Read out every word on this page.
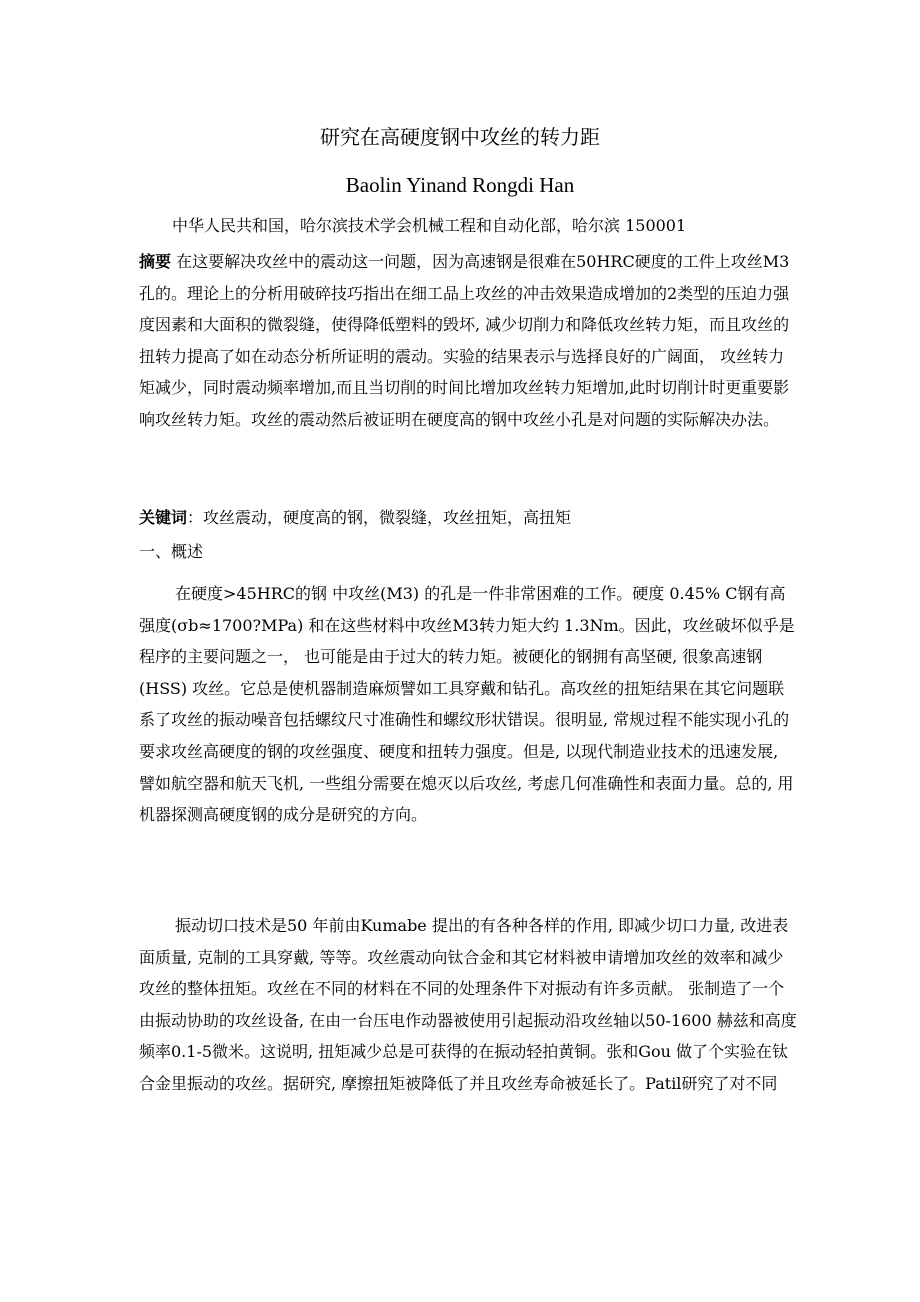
研究在高硬度钢中攻丝的转力距
Baolin Yinand Rongdi Han
中华人民共和国，哈尔滨技术学会机械工程和自动化部，哈尔滨 150001

摘要 在这要解决攻丝中的震动这一问题，因为高速钢是很难在50HRC硬度的工件上攻丝M3孔的。理论上的分析用破碎技巧指出在细工品上攻丝的冲击效果造成增加的2类型的压迫力强度因素和大面积的微裂缝，使得降低塑料的毁坏, 减少切削力和降低攻丝转力矩，而且攻丝的扭转力提高了如在动态分析所证明的震动。实验的结果表示与选择良好的广阔面， 攻丝转力矩减少，同时震动频率增加,而且当切削的时间比增加攻丝转力矩增加,此时切削计时更重要影响攻丝转力矩。攻丝的震动然后被证明在硬度高的钢中攻丝小孔是对问题的实际解决办法。

关键词：攻丝震动，硬度高的钢，微裂缝，攻丝扭矩，高扭矩

一、概述

在硬度>45HRC的钢 中攻丝(M3) 的孔是一件非常困难的工作。硬度 0.45% C钢有高强度(σb≈1700?MPa) 和在这些材料中攻丝M3转力矩大约 1.3Nm。因此，攻丝破坏似乎是程序的主要问题之一， 也可能是由于过大的转力矩。被硬化的钢拥有高坚硬, 很象高速钢(HSS) 攻丝。它总是使机器制造麻烦譬如工具穿戴和钻孔。高攻丝的扭矩结果在其它问题联系了攻丝的振动噪音包括螺纹尺寸准确性和螺纹形状错误。很明显, 常规过程不能实现小孔的要求攻丝高硬度的钢的攻丝强度、硬度和扭转力强度。但是, 以现代制造业技术的迅速发展, 譬如航空器和航天飞机, 一些组分需要在熄灭以后攻丝, 考虑几何准确性和表面力量。总的, 用机器探测高硬度钢的成分是研究的方向。

振动切口技术是50 年前由Kumabe 提出的有各种各样的作用, 即减少切口力量, 改进表面质量, 克制的工具穿戴, 等等。攻丝震动向钛合金和其它材料被申请增加攻丝的效率和减少攻丝的整体扭矩。攻丝在不同的材料在不同的处理条件下对振动有许多贡献。 张制造了一个由振动协助的攻丝设备, 在由一台压电作动器被使用引起振动沿攻丝轴以50-1600 赫兹和高度频率0.1-5微米。这说明, 扭矩减少总是可获得的在振动轻拍黄铜。张和Gou 做了个实验在钛合金里振动的攻丝。据研究, 摩擦扭矩被降低了并且攻丝寿命被延长了。Patil研究了对不同
